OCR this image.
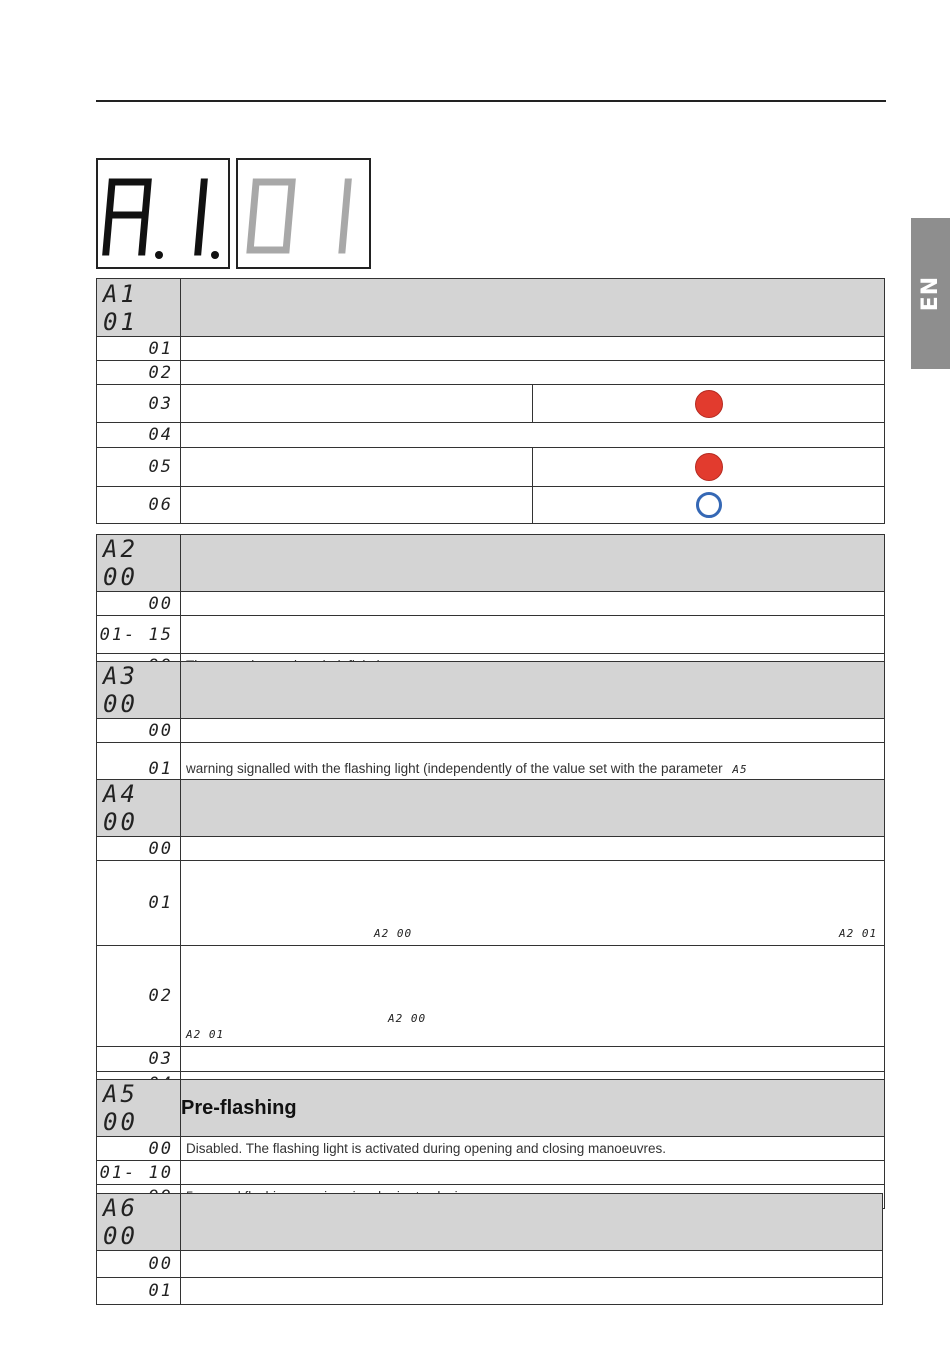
EN
A1 01		
01		
02		
03		
04		
05		
06		
A2 00	
00	
01- 15	

A3 00	
00	
01	warning signalled with the flashing light (independently of the value set with the parameter A5
A4 00	
00	
01	A2 00 A2 01

02	A2 00
A2 01

03	

A5 00	Pre-flashing
00	Disabled. The flashing light is activated during opening and closing manoeuvres.
01- 10	

A6 00	
00	
01	
